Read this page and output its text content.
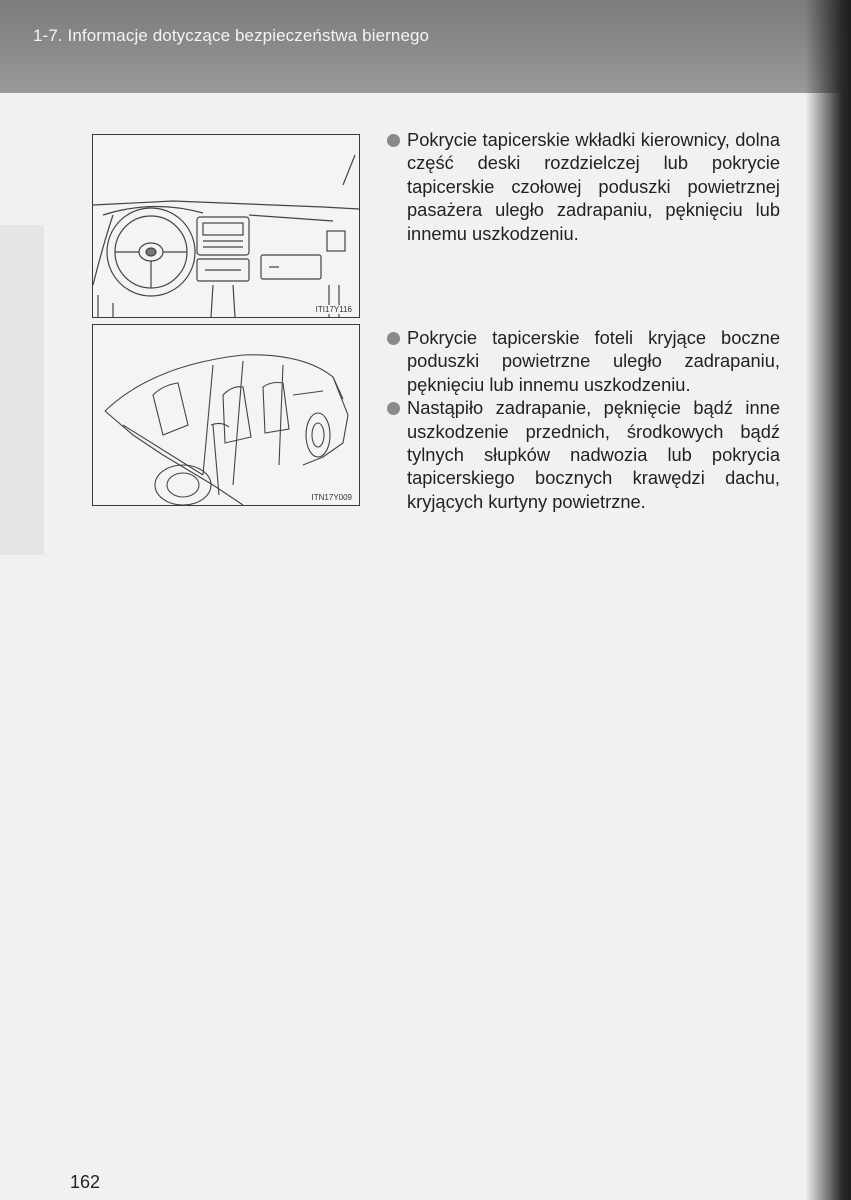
1-7. Informacje dotyczące bezpieczeństwa biernego
ITI17Y116
ITN17Y009
Pokrycie tapicerskie wkładki kierownicy, dolna część deski rozdzielczej lub pokrycie tapicerskie czołowej poduszki powietrznej pasażera uległo zadrapaniu, pęknięciu lub innemu uszkodzeniu.
Pokrycie tapicerskie foteli kryjące boczne poduszki powietrzne uległo zadrapaniu, pęknięciu lub innemu uszkodzeniu.
Nastąpiło zadrapanie, pęknięcie bądź inne uszkodzenie przednich, środkowych bądź tylnych słupków nadwozia lub pokrycia tapicerskiego bocznych krawędzi dachu, kryjących kurtyny powietrzne.
162
